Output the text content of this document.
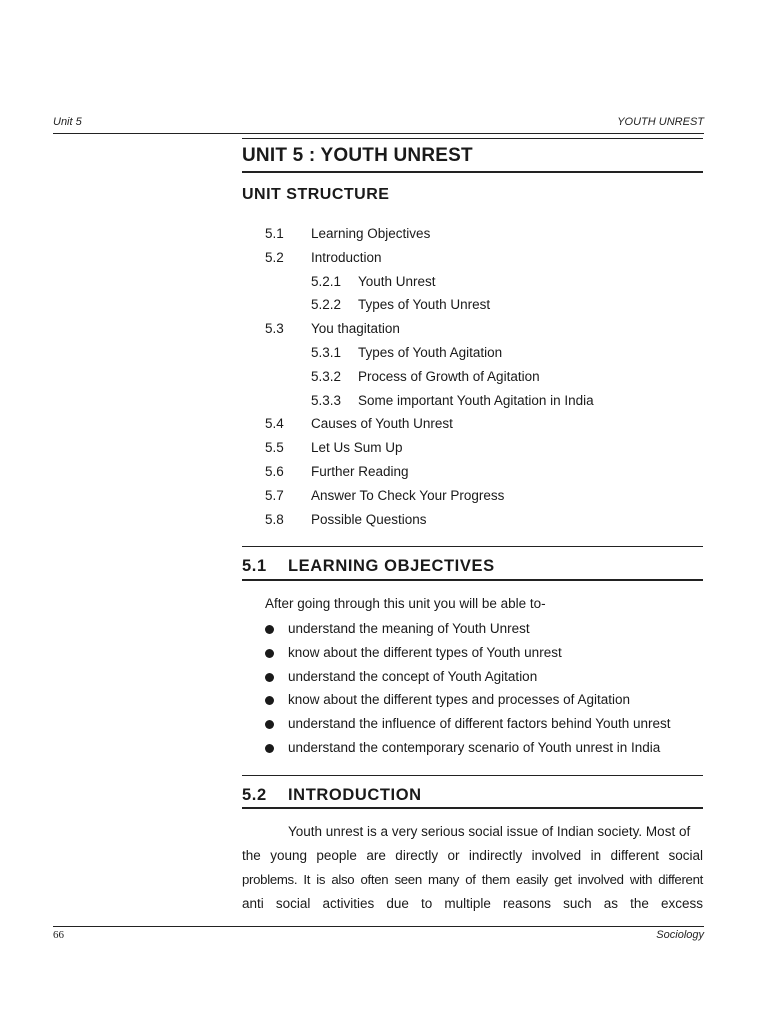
Unit 5	YOUTH UNREST
UNIT 5 : YOUTH UNREST
UNIT STRUCTURE
5.1 Learning Objectives
5.2 Introduction
5.2.1 Youth Unrest
5.2.2 Types of Youth Unrest
5.3 You thagitation
5.3.1 Types of Youth Agitation
5.3.2 Process of Growth of Agitation
5.3.3 Some important Youth Agitation in India
5.4 Causes of Youth Unrest
5.5 Let Us Sum Up
5.6 Further Reading
5.7 Answer To Check Your Progress
5.8 Possible Questions
5.1 LEARNING OBJECTIVES
After going through this unit you will be able to-
understand the meaning of Youth Unrest
know about the different types of Youth unrest
understand the concept of Youth Agitation
know about the different types and processes of Agitation
understand the influence of different factors behind Youth unrest
understand the contemporary scenario of Youth unrest in India
5.2 INTRODUCTION
Youth unrest is a very serious social issue of Indian society. Most of
the young people are directly or indirectly involved in different social
problems. It is also often seen many of them easily get involved with different
anti social activities due to multiple reasons such as the excess
66	Sociology
